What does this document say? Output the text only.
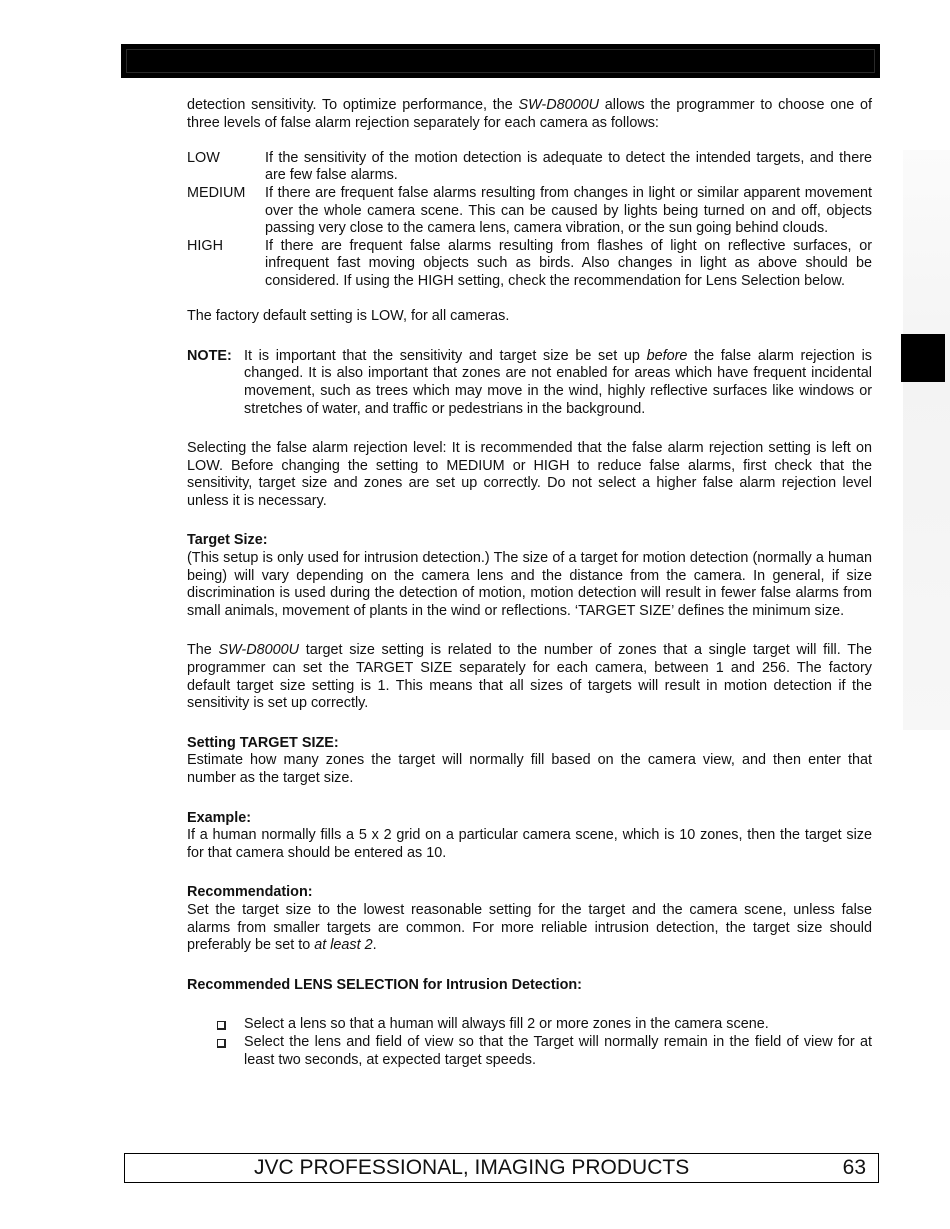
detection sensitivity. To optimize performance, the SW-D8000U allows the programmer to choose one of three levels of false alarm rejection separately for each camera as follows:

LOW	If the sensitivity of the motion detection is adequate to detect the intended targets, and there are few false alarms.
MEDIUM	If there are frequent false alarms resulting from changes in light or similar apparent movement over the whole camera scene. This can be caused by lights being turned on and off, objects passing very close to the camera lens, camera vibration, or the sun going behind clouds.
HIGH	If there are frequent false alarms resulting from flashes of light on reflective surfaces, or infrequent fast moving objects such as birds. Also changes in light as above should be considered. If using the HIGH setting, check the recommendation for Lens Selection below.

The factory default setting is LOW, for all cameras.

NOTE: It is important that the sensitivity and target size be set up before the false alarm rejection is changed. It is also important that zones are not enabled for areas which have frequent incidental movement, such as trees which may move in the wind, highly reflective surfaces like windows or stretches of water, and traffic or pedestrians in the background.

Selecting the false alarm rejection level: It is recommended that the false alarm rejection setting is left on LOW. Before changing the setting to MEDIUM or HIGH to reduce false alarms, first check that the sensitivity, target size and zones are set up correctly. Do not select a higher false alarm rejection level unless it is necessary.

Target Size:

(This setup is only used for intrusion detection.) The size of a target for motion detection (normally a human being) will vary depending on the camera lens and the distance from the camera. In general, if size discrimination is used during the detection of motion, motion detection will result in fewer false alarms from small animals, movement of plants in the wind or reflections. ‘TARGET SIZE’ defines the minimum size.

The SW-D8000U target size setting is related to the number of zones that a single target will fill. The programmer can set the TARGET SIZE separately for each camera, between 1 and 256. The factory default target size setting is 1. This means that all sizes of targets will result in motion detection if the sensitivity is set up correctly.

Setting TARGET SIZE:

Estimate how many zones the target will normally fill based on the camera view, and then enter that number as the target size.

Example:

If a human normally fills a 5 x 2 grid on a particular camera scene, which is 10 zones, then the target size for that camera should be entered as 10.

Recommendation:

Set the target size to the lowest reasonable setting for the target and the camera scene, unless false alarms from smaller targets are common. For more reliable intrusion detection, the target size should preferably be set to at least 2.

Recommended LENS SELECTION for Intrusion Detection:
Select a lens so that a human will always fill 2 or more zones in the camera scene.
Select the lens and field of view so that the Target will normally remain in the field of view for at least two seconds, at expected target speeds.
JVC PROFESSIONAL, IMAGING PRODUCTS	63
